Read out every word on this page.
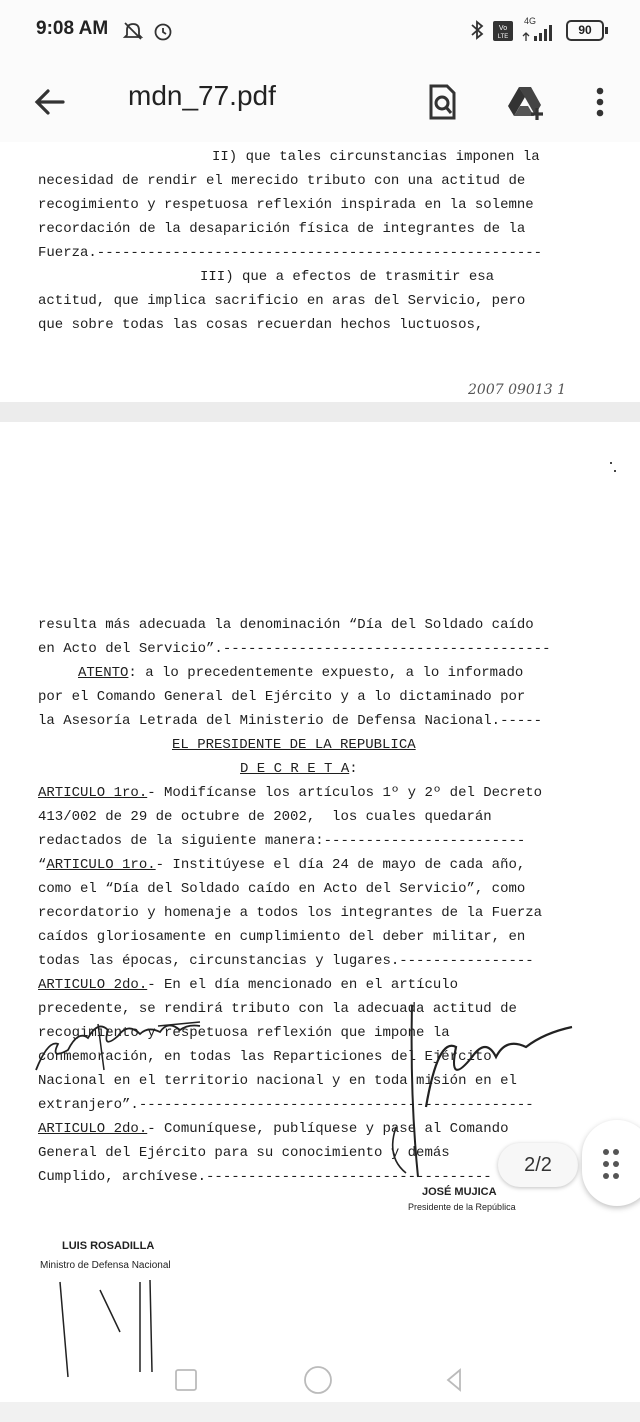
9:08 AM	Vo
LTE
4G
90
mdn_77.pdf
II) que tales circunstancias imponen la
necesidad de rendir el merecido tributo con una actitud de
recogimiento y respetuosa reflexión inspirada en la solemne
recordación de la desaparición física de integrantes de la
Fuerza.-----------------------------------------------------
III) que a efectos de trasmitir esa
actitud, que implica sacrificio en aras del Servicio, pero
que sobre todas las cosas recuerdan hechos luctuosos,
2007 09013 1
resulta más adecuada la denominación “Día del Soldado caído
en Acto del Servicio”.---------------------------------------
ATENTO: a lo precedentemente expuesto, a lo informado
por el Comando General del Ejército y a lo dictaminado por
la Asesoría Letrada del Ministerio de Defensa Nacional.-----
EL PRESIDENTE DE LA REPUBLICA
D E C R E T A:
ARTICULO 1ro.- Modifícanse los artículos 1º y 2º del Decreto
413/002 de 29 de octubre de 2002,  los cuales quedarán
redactados de la siguiente manera:------------------------
“ARTICULO 1ro.- Institúyese el día 24 de mayo de cada año,
como el “Día del Soldado caído en Acto del Servicio”, como
recordatorio y homenaje a todos los integrantes de la Fuerza
caídos gloriosamente en cumplimiento del deber militar, en
todas las épocas, circunstancias y lugares.----------------
ARTICULO 2do.- En el día mencionado en el artículo
precedente, se rendirá tributo con la adecuada actitud de
recogimiento y respetuosa reflexión que impone la
conmemoración, en todas las Reparticiones del Ejército
Nacional en el territorio nacional y en toda misión en el
extranjero”.-----------------------------------------------
ARTICULO 2do.- Comuníquese, publíquese y pase al Comando
General del Ejército para su conocimiento y demás
Cumplido, archívese.----------------------------------
LUIS ROSADILLA
Ministro de Defensa Nacional
JOSÉ MUJICA
Presidente de la República
2/2
